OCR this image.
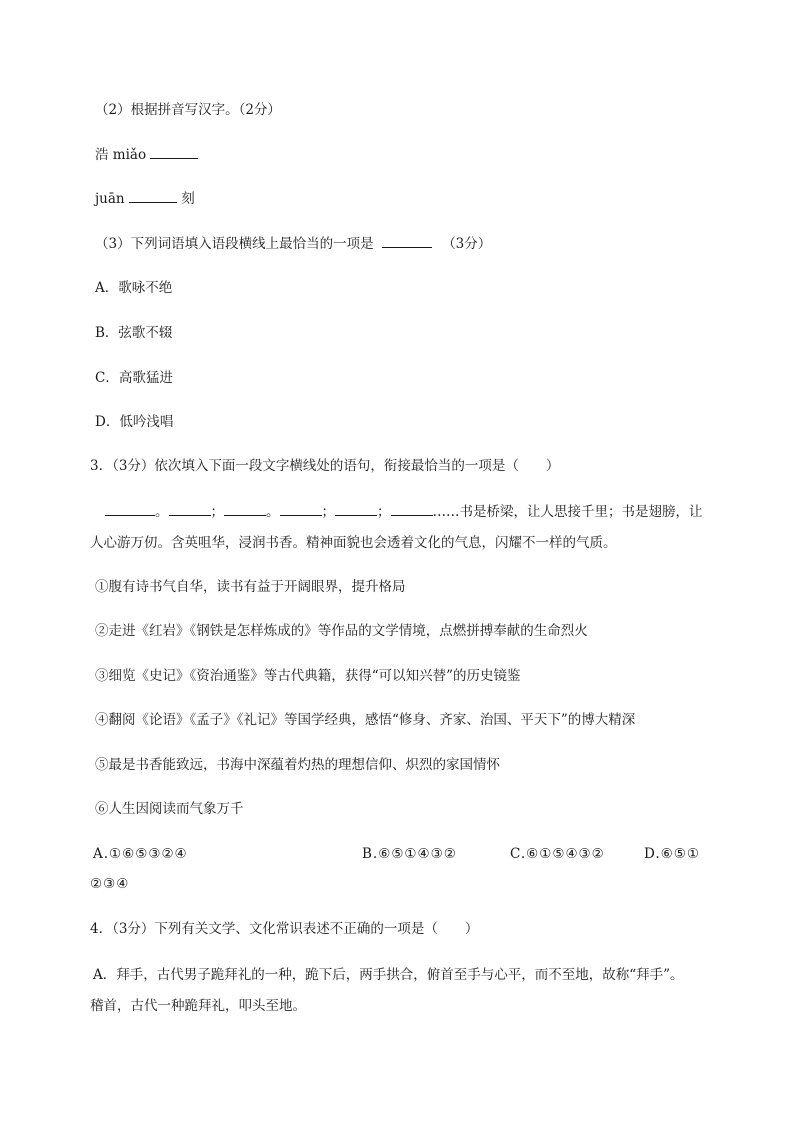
（2）根据拼音写汉字。（2分）
浩 miǎo
juān	刻
（3）下列词语填入语段横线上最恰当的一项是	（3分）
A．歌咏不绝
B．弦歌不辍
C．高歌猛进
D．低吟浅唱
3．（3分）依次填入下面一段文字横线处的语句，衔接最恰当的一项是（　　）
。	；	。	；	；	……书是桥梁，让人思接千里；书是翅膀，让
人心游万仞。含英咀华，浸润书香。精神面貌也会透着文化的气息，闪耀不一样的气质。
①腹有诗书气自华，读书有益于开阔眼界，提升格局
②走进《红岩》《钢铁是怎样炼成的》等作品的文学情境，点燃拼搏奉献的生命烈火
③细览《史记》《资治通鉴》等古代典籍，获得“可以知兴替”的历史镜鉴
④翻阅《论语》《孟子》《礼记》等国学经典，感悟“修身、齐家、治国、平天下”的博大精深
⑤最是书香能致远，书海中深蕴着灼热的理想信仰、炽烈的家国情怀
⑥人生因阅读而气象万千
A.①⑥⑤③②④	B.⑥⑤①④③②	C.⑥①⑤④③②	D.⑥⑤①
②③④
4．（3分）下列有关文学、文化常识表述不正确的一项是（　　）
A．拜手，古代男子跪拜礼的一种，跪下后，两手拱合，俯首至手与心平，而不至地，故称“拜手”。
稽首，古代一种跪拜礼，叩头至地。
